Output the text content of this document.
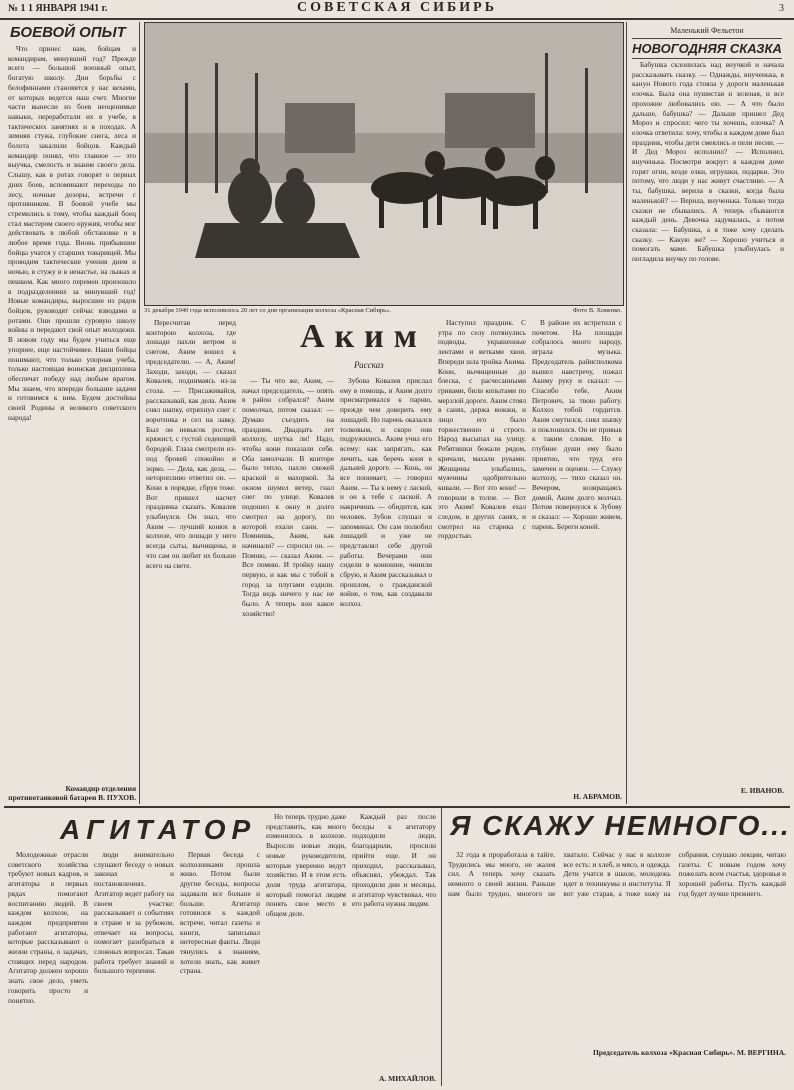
№ 1 1 ЯНВАРЯ 1941 г.	СОВЕТСКАЯ СИБИРЬ	3
БОЕВОЙ ОПЫТ

Что принес нам, бойцам и командирам, минувший год? Прежде всего — большой военный опыт, богатую школу. Дни борьбы с белофиннами становятся у нас вехами, от которых ведется наш счет. Многие части вынесли из боев неоценимые навыки, переработали их в учебе, в тактических занятиях и в походах. А зимняя стужа, глубокие снега, леса и болота закалили бойцов. Каждый командир понял, что главное — это выучка, смелость и знание своего дела. Слышу, как в ротах говорят о первых днях боев, вспоминают переходы по лесу, ночные дозоры, встречи с противником. В боевой учебе мы стремились к тому, чтобы каждый боец стал мастером своего оружия, чтобы мог действовать в любой обстановке и в любое время года. Вновь прибывшие бойцы учатся у старших товарищей. Мы проводим тактические учения днем и ночью, в стужу и в ненастье, на лыжах и пешком. Как много перемен произошло в подразделениях за минувший год! Новые командиры, выросшие из рядов бойцов, руководят сейчас взводами и ротами. Они прошли суровую школу войны и передают свой опыт молодежи. В новом году мы будем учиться еще упорнее, еще настойчивее. Наши бойцы понимают, что только упорная учеба, только настоящая воинская дисциплина обеспечат победу над любым врагом. Мы знаем, что впереди большие задачи и готовимся к ним. Будем достойны своей Родины и великого советского народа!

Командир отделения противотанковой батареи В. ПУХОВ.
31 декабря 1940 года исполнилось 20 лет со дня организации колхоза «Красная Сибирь».	Фото В. Хоменко.
Маленький Фельетон
НОВОГОДНЯЯ СКАЗКА

Бабушка склонилась над внучкой и начала рассказывать сказку. — Однажды, внученька, в канун Нового года стояла у дороги маленькая елочка. Была она пушистая и зеленая, и все прохожие любовались ею. — А что было дальше, бабушка? — Дальше пришел Дед Мороз и спросил: чего ты хочешь, елочка? А елочка ответила: хочу, чтобы в каждом доме был праздник, чтобы дети смеялись и пели песни. — И Дед Мороз исполнил? — Исполнил, внученька. Посмотри вокруг: в каждом доме горят огни, везде елки, игрушки, подарки. Это потому, что люди у нас живут счастливо. — А ты, бабушка, верила в сказки, когда была маленькой? — Верила, внученька. Только тогда сказки не сбывались. А теперь сбываются каждый день. Девочка задумалась, а потом сказала: — Бабушка, а я тоже хочу сделать сказку. — Какую же? — Хорошо учиться и помогать маме. Бабушка улыбнулась и погладила внучку по голове.

Е. ИВАНОВ.
Аким
Рассказ

Пересчитав перед конторою колхоза, где лошади пахли ветром и снегом, Аким вошел к председателю. — А, Аким! Заходи, заходи, — сказал Ковалев, поднимаясь из-за стола. — Присаживайся, рассказывай, как дела. Аким снял шапку, отряхнул снег с воротника и сел на лавку. Был он невысок ростом, кряжист, с густой седеющей бородой. Глаза смотрели из-под бровей спокойно и зорко. — Дела, как дела, — неторопливо ответил он. — Кони в порядке, сбруя тоже. Вот пришел насчет праздника сказать. Ковалев улыбнулся. Он знал, что Аким — лучший конюх в колхозе, что лошади у него всегда сыты, вычищены, и что сам он любит их больше всего на свете.

— Ты что же, Аким, — начал председатель, — опять в район собрался? Аким помолчал, потом сказал: — Думаю съездить на праздник. Двадцать лет колхозу, шутка ли! Надо, чтобы кони показали себя. Оба замолчали. В конторе было тепло, пахло свежей краской и махоркой. За окном шумел ветер, гнал снег по улице. Ковалев подошел к окну и долго смотрел на дорогу, по которой ехали сани. — Помнишь, Аким, как начинали? — спросил он. — Помню, — сказал Аким. — Все помню. И тройку нашу первую, и как мы с тобой в город за плугами ездили. Тогда ведь ничего у нас не было. А теперь вон какое хозяйство!

Зубова Ковалев прислал ему в помощь, и Аким долго присматривался к парню, прежде чем доверить ему лошадей. Но парень оказался толковым, и скоро они подружились. Аким учил его всему: как запрягать, как лечить, как беречь коня в дальней дороге. — Конь, он все понимает, — говорил Аким. — Ты к нему с лаской, и он к тебе с лаской. А накричишь — обидится, как человек. Зубов слушал и запоминал. Он сам полюбил лошадей и уже не представлял себе другой работы. Вечерами они сидели в конюшне, чинили сбрую, и Аким рассказывал о прошлом, о гражданской войне, о том, как создавали колхоз.

Наступил праздник. С утра по селу потянулись подводы, украшенные лентами и ветками хвои. Впереди шла тройка Акима. Кони, вычищенные до блеска, с расчесанными гривами, били копытами по мерзлой дороге. Аким стоял в санях, держа вожжи, и лицо его было торжественно и строго. Народ высыпал на улицу. Ребятишки бежали рядом, кричали, махали руками. Женщины улыбались, мужчины одобрительно кивали. — Вот это кони! — говорили в толпе. — Вот это Аким! Ковалев ехал следом, в других санях, и смотрел на старика с гордостью.

В районе их встретили с почетом. На площади собралось много народу, играла музыка. Председатель райисполкома вышел навстречу, пожал Акиму руку и сказал: — Спасибо тебе, Аким Петрович, за твою работу. Колхоз тобой гордится. Аким смутился, снял шапку и поклонился. Он не привык к таким словам. Но в глубине души ему было приятно, что труд его замечен и оценен. — Служу колхозу, — тихо сказал он. Вечером, возвращаясь домой, Аким долго молчал. Потом повернулся к Зубову и сказал: — Хорошо живем, парень. Береги коней.

Н. АБРАМОВ.
АГИТАТОР

Молодежные отрасли советского хозяйства требуют новых кадров, и агитаторы в первых рядах помогают воспитанию людей. В каждом колхозе, на каждом предприятии работают агитаторы, которые рассказывают о жизни страны, о задачах, стоящих перед народом. Агитатор должен хорошо знать свое дело, уметь говорить просто и понятно.

люди внимательно слушают беседу о новых законах и постановлениях. Агитатор ведет работу на своем участке: рассказывает о событиях в стране и за рубежом, отвечает на вопросы, помогает разобраться в сложных вопросах. Такая работа требует знаний и большого терпения.

Первая беседа с колхозниками прошла живо. Потом были другие беседы, вопросы задавали все больше и больше. Агитатор готовился к каждой встрече, читал газеты и книги, записывал интересные факты. Люди тянулись к знаниям, хотели знать, как живет страна.

Но теперь трудно даже представить, как много изменилось в колхозе. Выросли новые люди, новые руководители, которые уверенно ведут хозяйство. И в этом есть доля труда агитатора, который помогал людям понять свое место в общем деле.

Каждый раз после беседы к агитатору подходили люди, благодарили, просили прийти еще. И он приходил, рассказывал, объяснял, убеждал. Так проходили дни и месяцы, и агитатор чувствовал, что его работа нужна людям.

А. МИХАЙЛОВ.
Я СКАЖУ НЕМНОГО...

32 года я проработала в тайге. Трудились мы много, не жалея сил. А теперь хочу сказать немного о своей жизни. Раньше нам было трудно, многого не хватало. Сейчас у нас в колхозе все есть: и хлеб, и мясо, и одежда. Дети учатся в школе, молодежь идет в техникумы и институты. Я вот уже старая, а тоже хожу на собрания, слушаю лекции, читаю газеты. С новым годом хочу пожелать всем счастья, здоровья и хорошей работы. Пусть каждый год будет лучше прежнего.

Председатель колхоза «Красная Сибирь». М. ВЕРГИНА.
